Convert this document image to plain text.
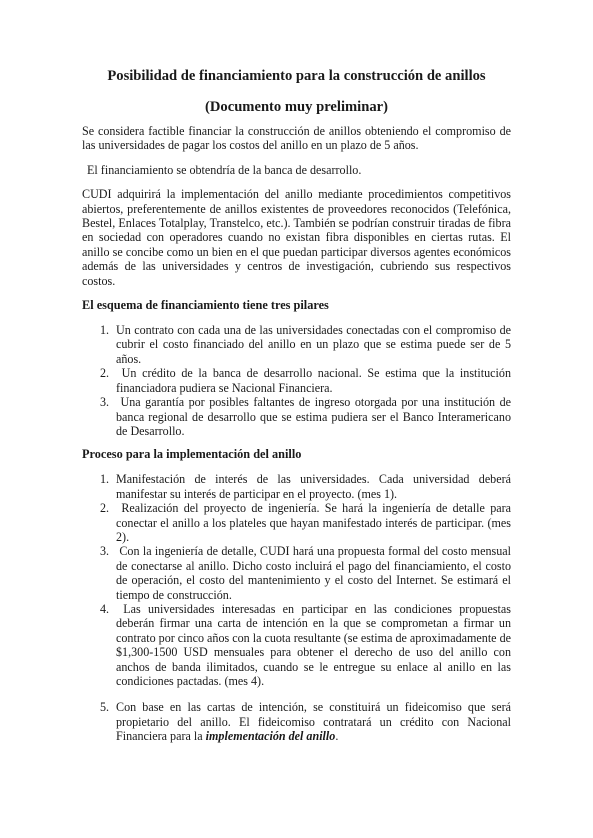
Posibilidad de financiamiento para la construcción de anillos
(Documento muy preliminar)

Se considera factible financiar la construcción de anillos obteniendo el compromiso de las universidades de pagar los costos del anillo en un plazo de 5 años.

El financiamiento se obtendría de la banca de desarrollo.

CUDI adquirirá la implementación del anillo mediante procedimientos competitivos abiertos, preferentemente de anillos existentes de proveedores reconocidos (Telefónica, Bestel, Enlaces Totalplay, Transtelco, etc.). También se podrían construir tiradas de fibra en sociedad con operadores cuando no existan fibra disponibles en ciertas rutas. El anillo se concibe como un bien en el que puedan participar diversos agentes económicos además de las universidades y centros de investigación, cubriendo sus respectivos costos.

El esquema de financiamiento tiene tres pilares
1. Un contrato con cada una de las universidades conectadas con el compromiso de cubrir el costo financiado del anillo en un plazo que se estima puede ser de 5 años.
2. Un crédito de la banca de desarrollo nacional. Se estima que la institución financiadora pudiera se Nacional Financiera.
3. Una garantía por posibles faltantes de ingreso otorgada por una institución de banca regional de desarrollo que se estima pudiera ser el Banco Interamericano de Desarrollo.
Proceso para la implementación del anillo
1. Manifestación de interés de las universidades. Cada universidad deberá manifestar su interés de participar en el proyecto. (mes 1).
2. Realización del proyecto de ingeniería. Se hará la ingeniería de detalle para conectar el anillo a los plateles que hayan manifestado interés de participar. (mes 2).
3. Con la ingeniería de detalle, CUDI hará una propuesta formal del costo mensual de conectarse al anillo. Dicho costo incluirá el pago del financiamiento, el costo de operación, el costo del mantenimiento y el costo del Internet. Se estimará el tiempo de construcción.
4. Las universidades interesadas en participar en las condiciones propuestas deberán firmar una carta de intención en la que se comprometan a firmar un contrato por cinco años con la cuota resultante (se estima de aproximadamente de $1,300-1500 USD mensuales para obtener el derecho de uso del anillo con anchos de banda ilimitados, cuando se le entregue su enlace al anillo en las condiciones pactadas. (mes 4).
5. Con base en las cartas de intención, se constituirá un fideicomiso que será propietario del anillo. El fideicomiso contratará un crédito con Nacional Financiera para la implementación del anillo.
